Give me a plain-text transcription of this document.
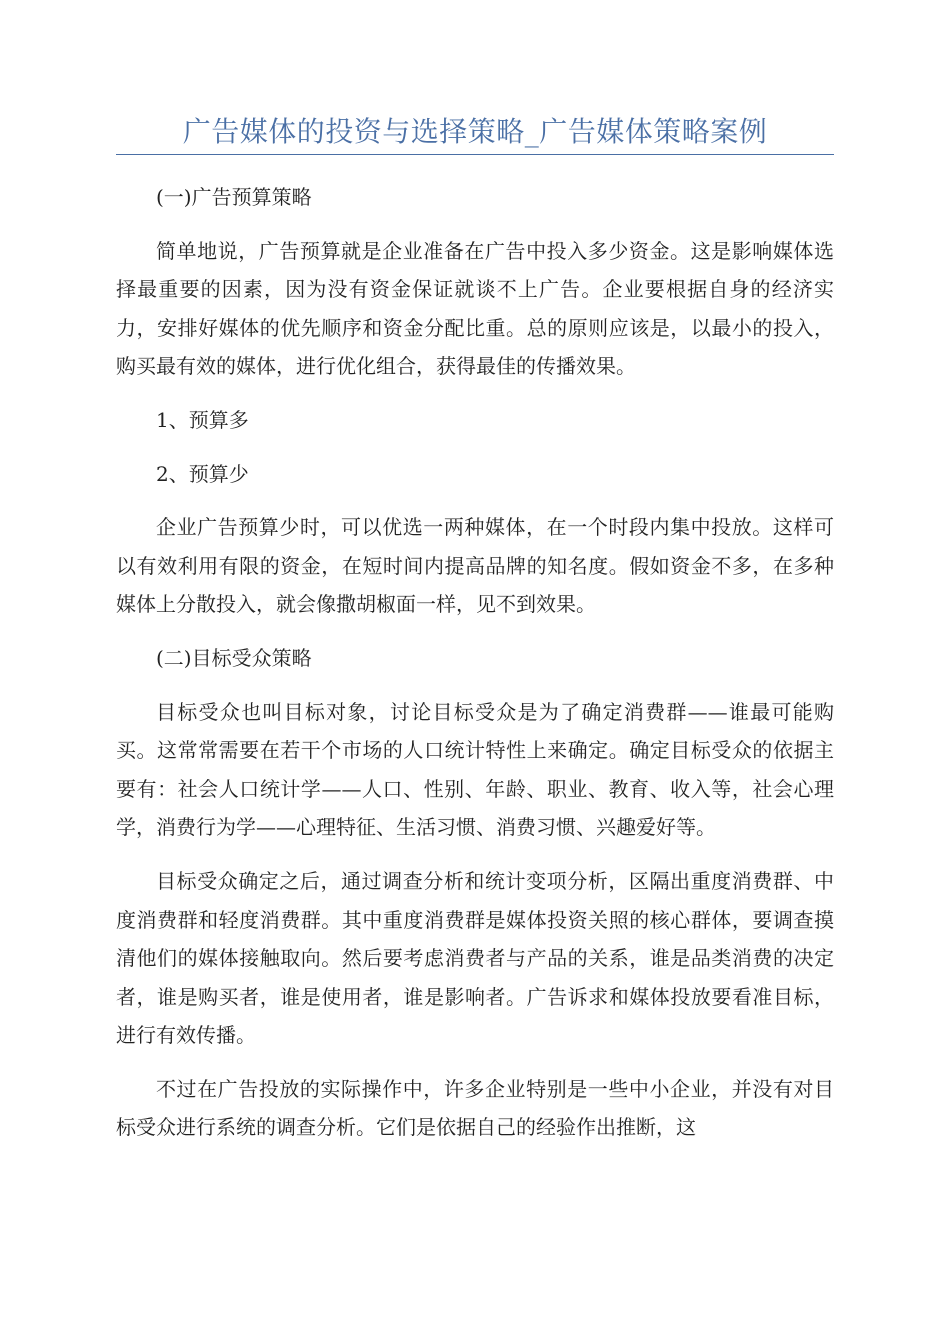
广告媒体的投资与选择策略_广告媒体策略案例

(一)广告预算策略

简单地说，广告预算就是企业准备在广告中投入多少资金。这是影响媒体选择最重要的因素，因为没有资金保证就谈不上广告。企业要根据自身的经济实力，安排好媒体的优先顺序和资金分配比重。总的原则应该是，以最小的投入，购买最有效的媒体，进行优化组合，获得最佳的传播效果。

1、预算多

2、预算少

企业广告预算少时，可以优选一两种媒体，在一个时段内集中投放。这样可以有效利用有限的资金，在短时间内提高品牌的知名度。假如资金不多，在多种媒体上分散投入，就会像撒胡椒面一样，见不到效果。

(二)目标受众策略

目标受众也叫目标对象，讨论目标受众是为了确定消费群——谁最可能购买。这常常需要在若干个市场的人口统计特性上来确定。确定目标受众的依据主要有：社会人口统计学——人口、性别、年龄、职业、教育、收入等，社会心理学，消费行为学——心理特征、生活习惯、消费习惯、兴趣爱好等。

目标受众确定之后，通过调查分析和统计变项分析，区隔出重度消费群、中度消费群和轻度消费群。其中重度消费群是媒体投资关照的核心群体，要调查摸清他们的媒体接触取向。然后要考虑消费者与产品的关系，谁是品类消费的决定者，谁是购买者，谁是使用者，谁是影响者。广告诉求和媒体投放要看准目标，进行有效传播。

不过在广告投放的实际操作中，许多企业特别是一些中小企业，并没有对目标受众进行系统的调查分析。它们是依据自己的经验作出推断，这
